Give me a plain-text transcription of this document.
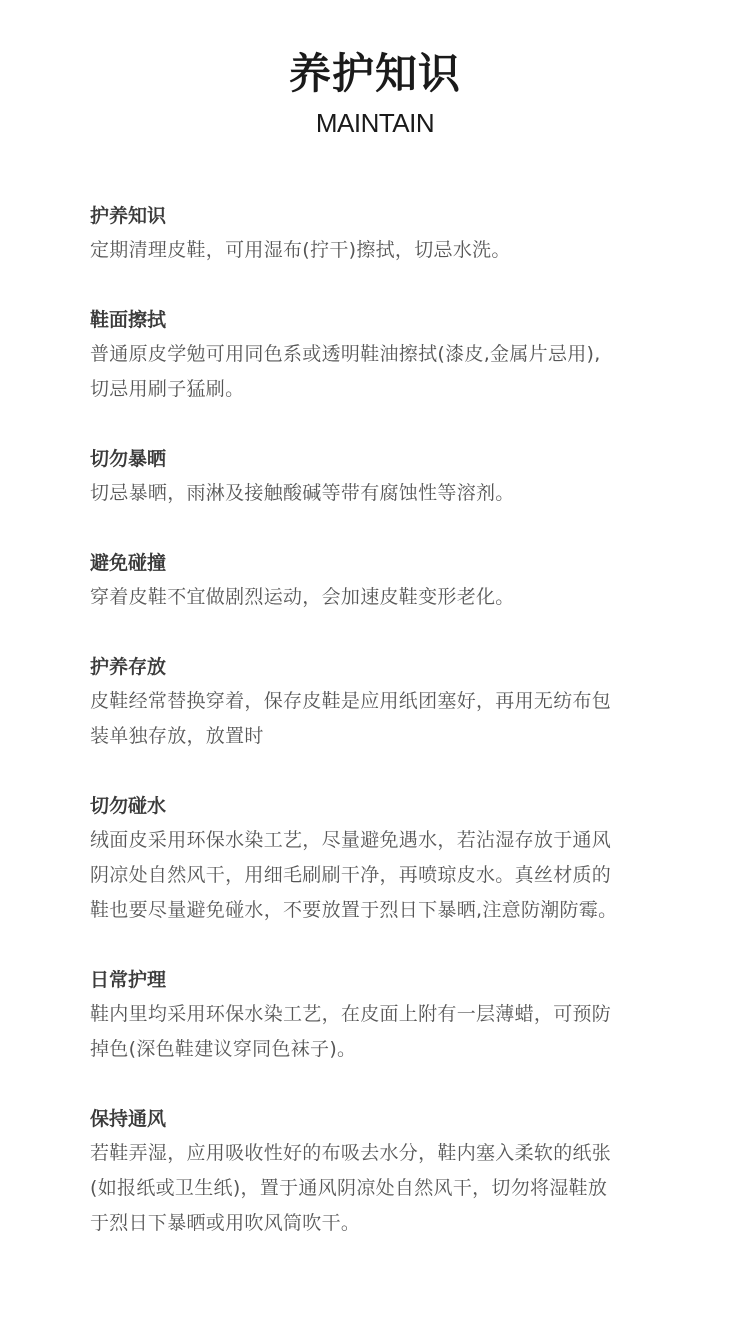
养护知识
MAINTAIN
护养知识
定期清理皮鞋，可用湿布(拧干)擦拭，切忌水洗。
鞋面擦拭
普通原皮学勉可用同色系或透明鞋油擦拭(漆皮,金属片忌用),
切忌用刷子猛刷。
切勿暴晒
切忌暴晒，雨淋及接触酸碱等带有腐蚀性等溶剂。
避免碰撞
穿着皮鞋不宜做剧烈运动，会加速皮鞋变形老化。
护养存放
皮鞋经常替换穿着，保存皮鞋是应用纸团塞好，再用无纺布包
装单独存放，放置时
切勿碰水
绒面皮采用环保水染工艺，尽量避免遇水，若沾湿存放于通风
阴凉处自然风干，用细毛刷刷干净，再喷琼皮水。真丝材质的
鞋也要尽量避免碰水，不要放置于烈日下暴晒,注意防潮防霉。
日常护理
鞋内里均采用环保水染工艺，在皮面上附有一层薄蜡，可预防
掉色(深色鞋建议穿同色袜子)。
保持通风
若鞋弄湿，应用吸收性好的布吸去水分，鞋内塞入柔软的纸张
(如报纸或卫生纸)，置于通风阴凉处自然风干，切勿将湿鞋放
于烈日下暴晒或用吹风筒吹干。
